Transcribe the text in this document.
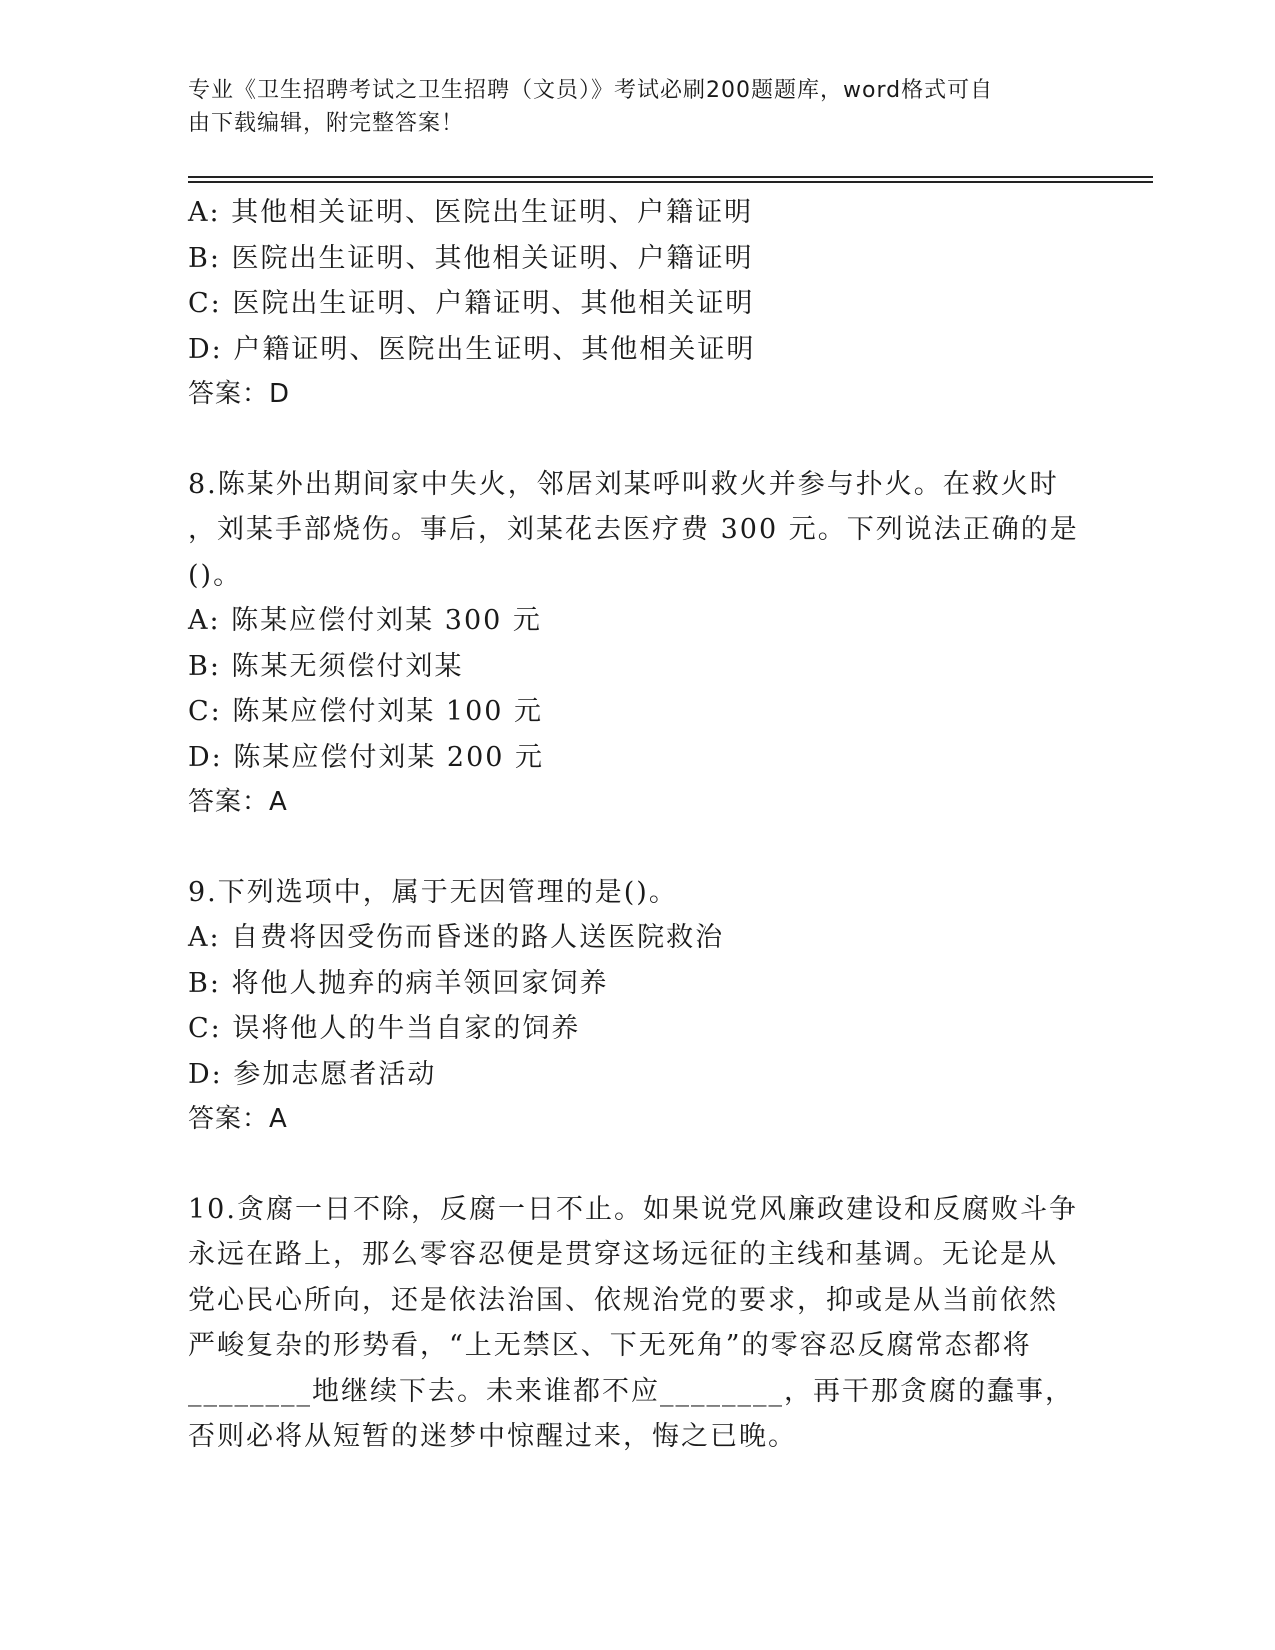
专业《卫生招聘考试之卫生招聘（文员）》考试必刷200题题库，word格式可自
由下载编辑，附完整答案！
A: 其他相关证明、医院出生证明、户籍证明
B: 医院出生证明、其他相关证明、户籍证明
C: 医院出生证明、户籍证明、其他相关证明
D: 户籍证明、医院出生证明、其他相关证明
答案：D
8.陈某外出期间家中失火，邻居刘某呼叫救火并参与扑火。在救火时
，刘某手部烧伤。事后，刘某花去医疗费 300 元。下列说法正确的是
()。
A: 陈某应偿付刘某 300 元
B: 陈某无须偿付刘某
C: 陈某应偿付刘某 100 元
D: 陈某应偿付刘某 200 元
答案：A
9.下列选项中，属于无因管理的是()。
A: 自费将因受伤而昏迷的路人送医院救治
B: 将他人抛弃的病羊领回家饲养
C: 误将他人的牛当自家的饲养
D: 参加志愿者活动
答案：A
10.贪腐一日不除，反腐一日不止。如果说党风廉政建设和反腐败斗争
永远在路上，那么零容忍便是贯穿这场远征的主线和基调。无论是从
党心民心所向，还是依法治国、依规治党的要求，抑或是从当前依然
严峻复杂的形势看，“上无禁区、下无死角”的零容忍反腐常态都将
________地继续下去。未来谁都不应________，再干那贪腐的蠢事，
否则必将从短暂的迷梦中惊醒过来，悔之已晚。
